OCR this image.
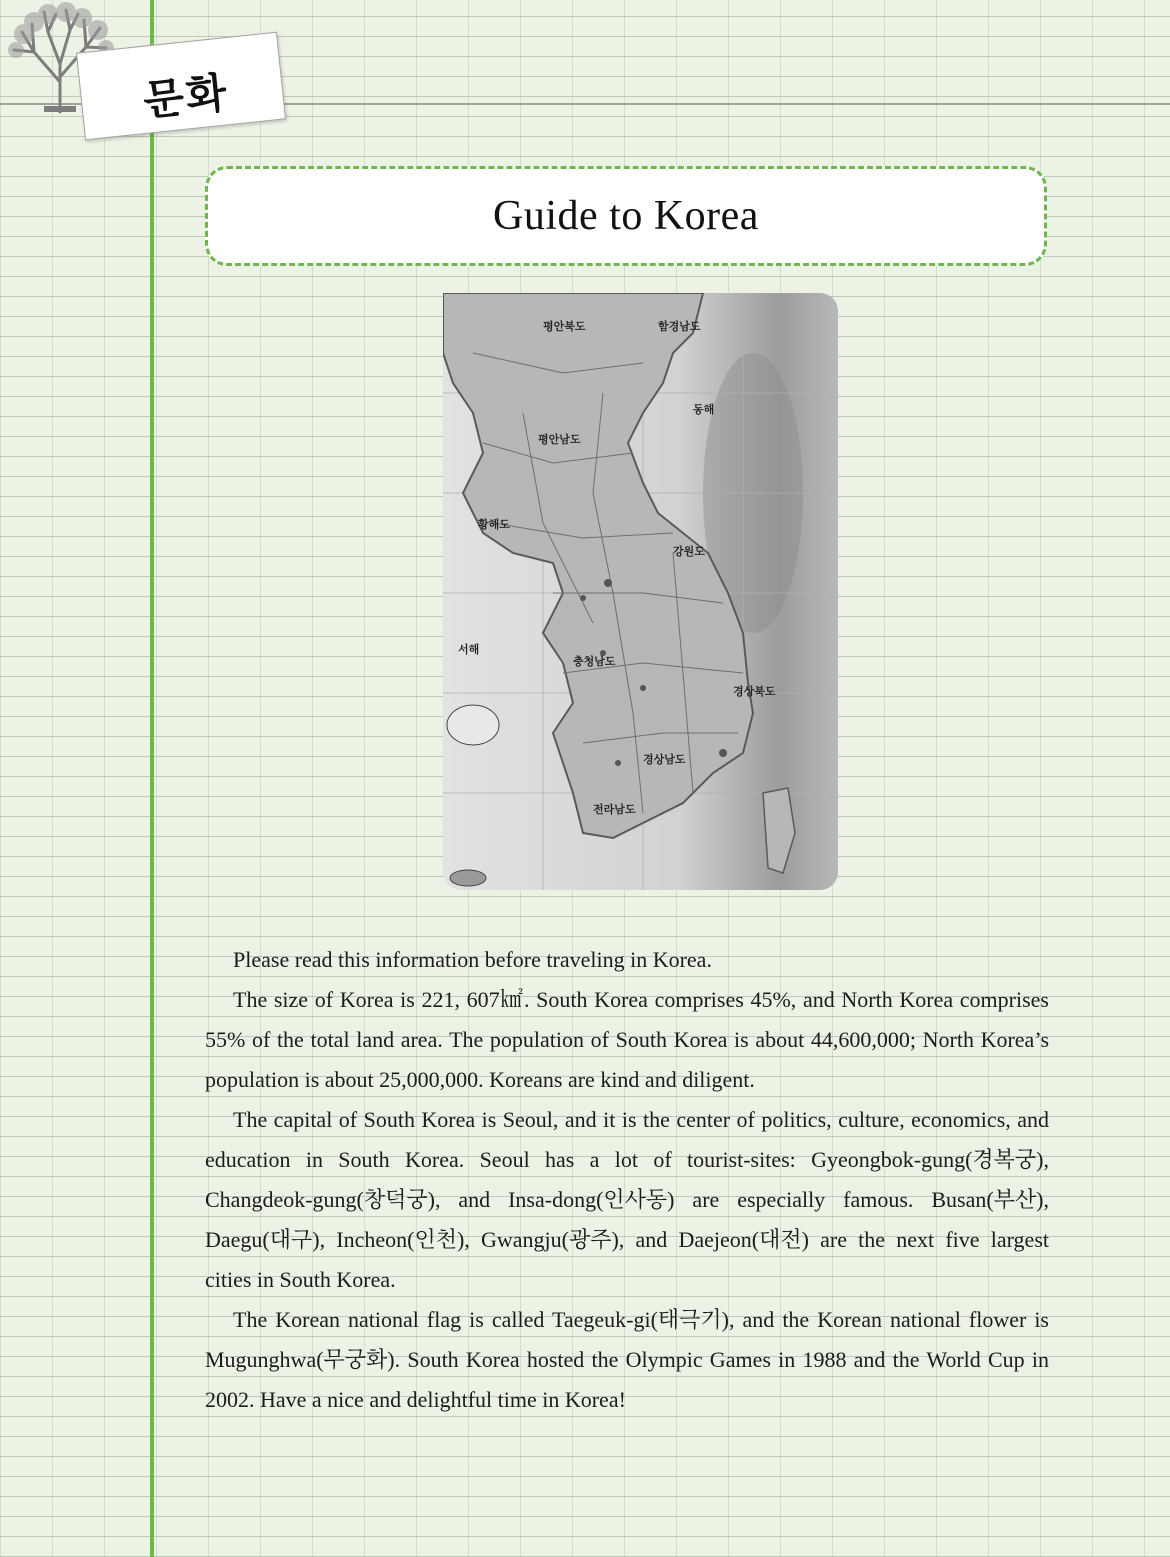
문화
Guide to Korea
평안북도	함경남도
평안남도
황해도
강원도
충청남도
경상북도
경상남도
전라남도
서해
동해

Please read this information before traveling in Korea.

The size of Korea is 221, 607㎢. South Korea comprises 45%, and North Korea comprises 55% of the total land area. The population of South Korea is about 44,600,000; North Korea’s population is about 25,000,000. Koreans are kind and diligent.

The capital of South Korea is Seoul, and it is the center of politics, culture, economics, and education in South Korea. Seoul has a lot of tourist-sites: Gyeongbok-gung(경복궁), Changdeok-gung(창덕궁), and Insa-dong(인사동) are especially famous. Busan(부산), Daegu(대구), Incheon(인천), Gwangju(광주), and Daejeon(대전) are the next five largest cities in South Korea.

The Korean national flag is called Taegeuk-gi(태극기), and the Korean national flower is Mugunghwa(무궁화). South Korea hosted the Olympic Games in 1988 and the World Cup in 2002. Have a nice and delightful time in Korea!
